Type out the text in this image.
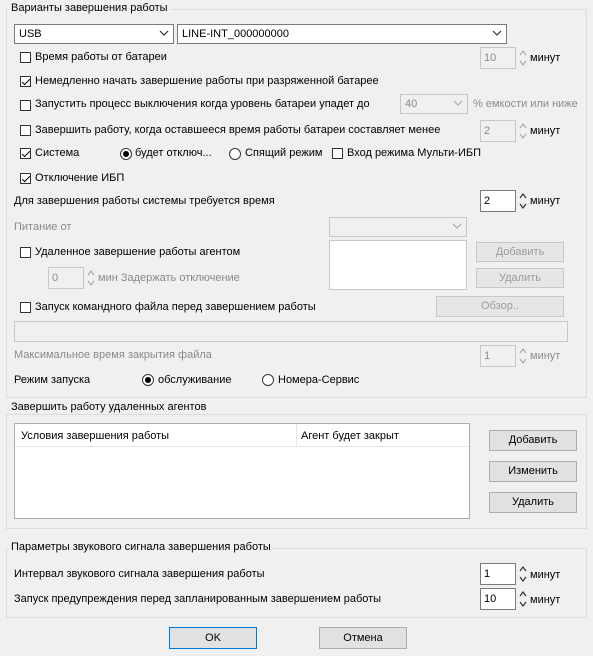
Варианты завершения работы
USB	LINE-INT_000000000
Время работы от батареи	10	минут
Немедленно начать завершение работы при разряженной батарее
Запустить процесс выключения когда уровень батареи упадет до	40	% емкости или ниже
Завершить работу, когда оставшееся время работы батареи составляет менее	2	минут
Система	будет отключ...	Спящий режим Вход режима Мульти-ИБП
Отключение ИБП
Для завершения работы системы требуется время	2	минут
Питание от
Удаленное завершение работы агентом	Добавить
Удалить
0	мин Задержать отключение
Запуск командного файла перед завершением работы	Обзор..
Максимальное время закрытия файла	1	минут
Режим запуска	обслуживание	Номера-Сервис
Завершить работу удаленных агентов
Условия завершения работы	Агент будет закрыт	Добавить
Изменить
Удалить
Параметры звукового сигнала завершения работы
Интервал звукового сигнала завершения работы	1	минут
Запуск предупреждения перед запланированным завершением работы	10	минут
OK	Отмена
